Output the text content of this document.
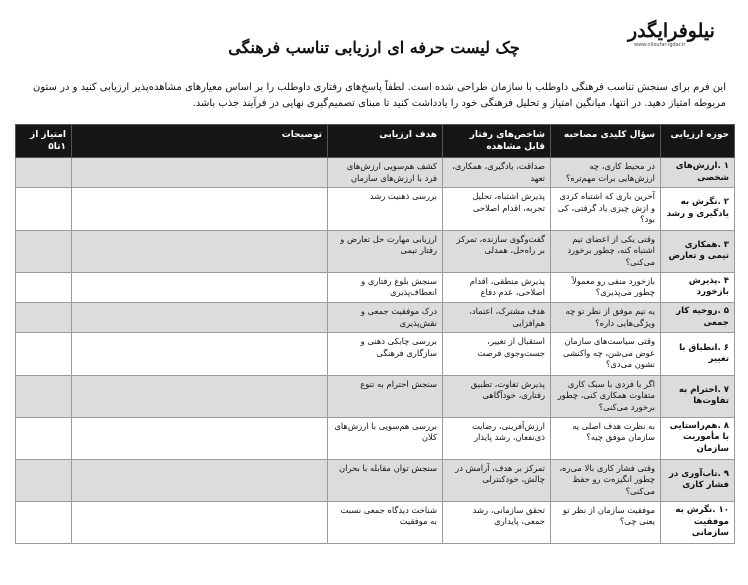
نیلوفرایگدر
www.niloufar-igdar.ir
چک لیست حرفه ای ارزیابی تناسب فرهنگی
این فرم برای سنجش تناسب فرهنگی داوطلب با سازمان طراحی شده است. لطفاً پاسخ‌های رفتاری داوطلب را بر اساس معیارهای مشاهده‌پذیر ارزیابی کنید و در ستون مربوطه امتیاز دهید. در انتها، میانگین امتیاز و تحلیل فرهنگی خود را یادداشت کنید تا مبنای تصمیم‌گیری نهایی در فرآیند جذب باشد.
حوزه ارزیابی	سؤال کلیدی مصاحبه	شاخص‌های رفتار قابل مشاهده	هدف ارزیابی	توضیحات	امتیاز از ۱تا۵
۱ .ارزش‌های شخصی	در محیط کاری، چه ارزش‌هایی برات مهم‌تره؟	صداقت، یادگیری، همکاری، تعهد	کشف هم‌سویی ارزش‌های فرد با ارزش‌های سازمان		
۲ .نگرش به یادگیری و رشد	آخرین باری که اشتباه کردی و ازش چیزی یاد گرفتی، کی بود؟	پذیرش اشتباه، تحلیل تجربه، اقدام اصلاحی	بررسی ذهنیت رشد		
۳ .همکاری تیمی و تعارض	وقتی یکی از اعضای تیم اشتباه کنه، چطور برخورد می‌کنی؟	گفت‌وگوی سازنده، تمرکز بر راه‌حل، همدلی	ارزیابی مهارت حل تعارض و رفتار تیمی		
۴ .پذیرش بازخورد	بازخورد منفی رو معمولاً چطور می‌پذیری؟	پذیرش منطقی، اقدام اصلاحی، عدم دفاع	سنجش بلوغ رفتاری و انعطاف‌پذیری		
۵ .روحیه کار جمعی	یه تیم موفق از نظر تو چه ویژگی‌هایی داره؟	هدف مشترک، اعتماد، هم‌افزایی	درک موفقیت جمعی و نقش‌پذیری		
۶ .انطباق با تغییر	وقتی سیاست‌های سازمان عوض می‌شن، چه واکنشی نشون می‌دی؟	استقبال از تغییر، جست‌وجوی فرصت	بررسی چابکی ذهنی و سازگاری فرهنگی		
۷ .احترام به تفاوت‌ها	اگر با فردی با سبک کاری متفاوت همکاری کنی، چطور برخورد می‌کنی؟	پذیرش تفاوت، تطبیق رفتاری، خودآگاهی	سنجش احترام به تنوع		
۸ .هم‌راستایی با مأموریت سازمان	به نظرت هدف اصلی یه سازمان موفق چیه؟	ارزش‌آفرینی، رضایت ذی‌نفعان، رشد پایدار	بررسی هم‌سویی با ارزش‌های کلان		
۹ .تاب‌آوری در فشار کاری	وقتی فشار کاری بالا می‌ره، چطور انگیزه‌ت رو حفظ می‌کنی؟	تمرکز بر هدف، آرامش در چالش، خودکنترلی	سنجش توان مقابله با بحران		
۱۰ .نگرش به موفقیت سازمانی	موفقیت سازمان از نظر تو یعنی چی؟	تحقق سازمانی، رشد جمعی، پایداری	شناخت دیدگاه جمعی نسبت به موفقیت		
